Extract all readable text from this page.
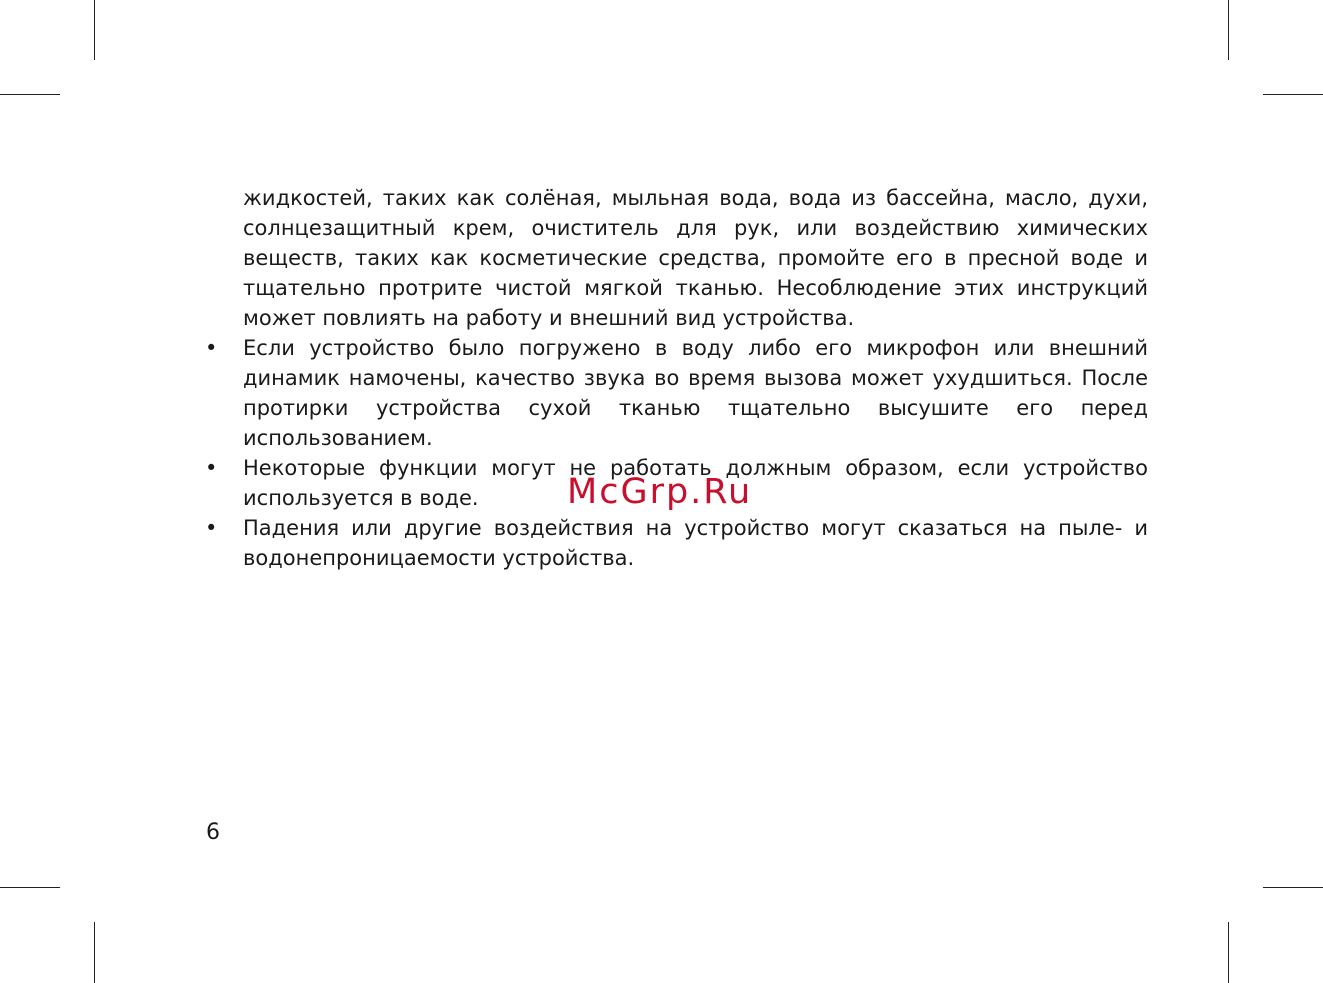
жидкостей, таких как солёная, мыльная вода, вода из бассейна, масло, духи, солнцезащитный крем, очиститель для рук, или воздействию химических веществ, таких как косметические средства, промойте его в пресной воде и тщательно протрите чистой мягкой тканью. Несоблюдение этих инструкций может повлиять на работу и внешний вид устройства.

•	Если устройство было погружено в воду либо его микрофон или внешний динамик намочены, качество звука во время вызова может ухудшиться. После протирки устройства сухой тканью тщательно высушите его перед использованием.
•	Некоторые функции могут не работать должным образом, если устройство используется в воде.
•	Падения или другие воздействия на устройство могут сказаться на пыле- и водонепроницаемости устройства.
McGrp.Ru
6
